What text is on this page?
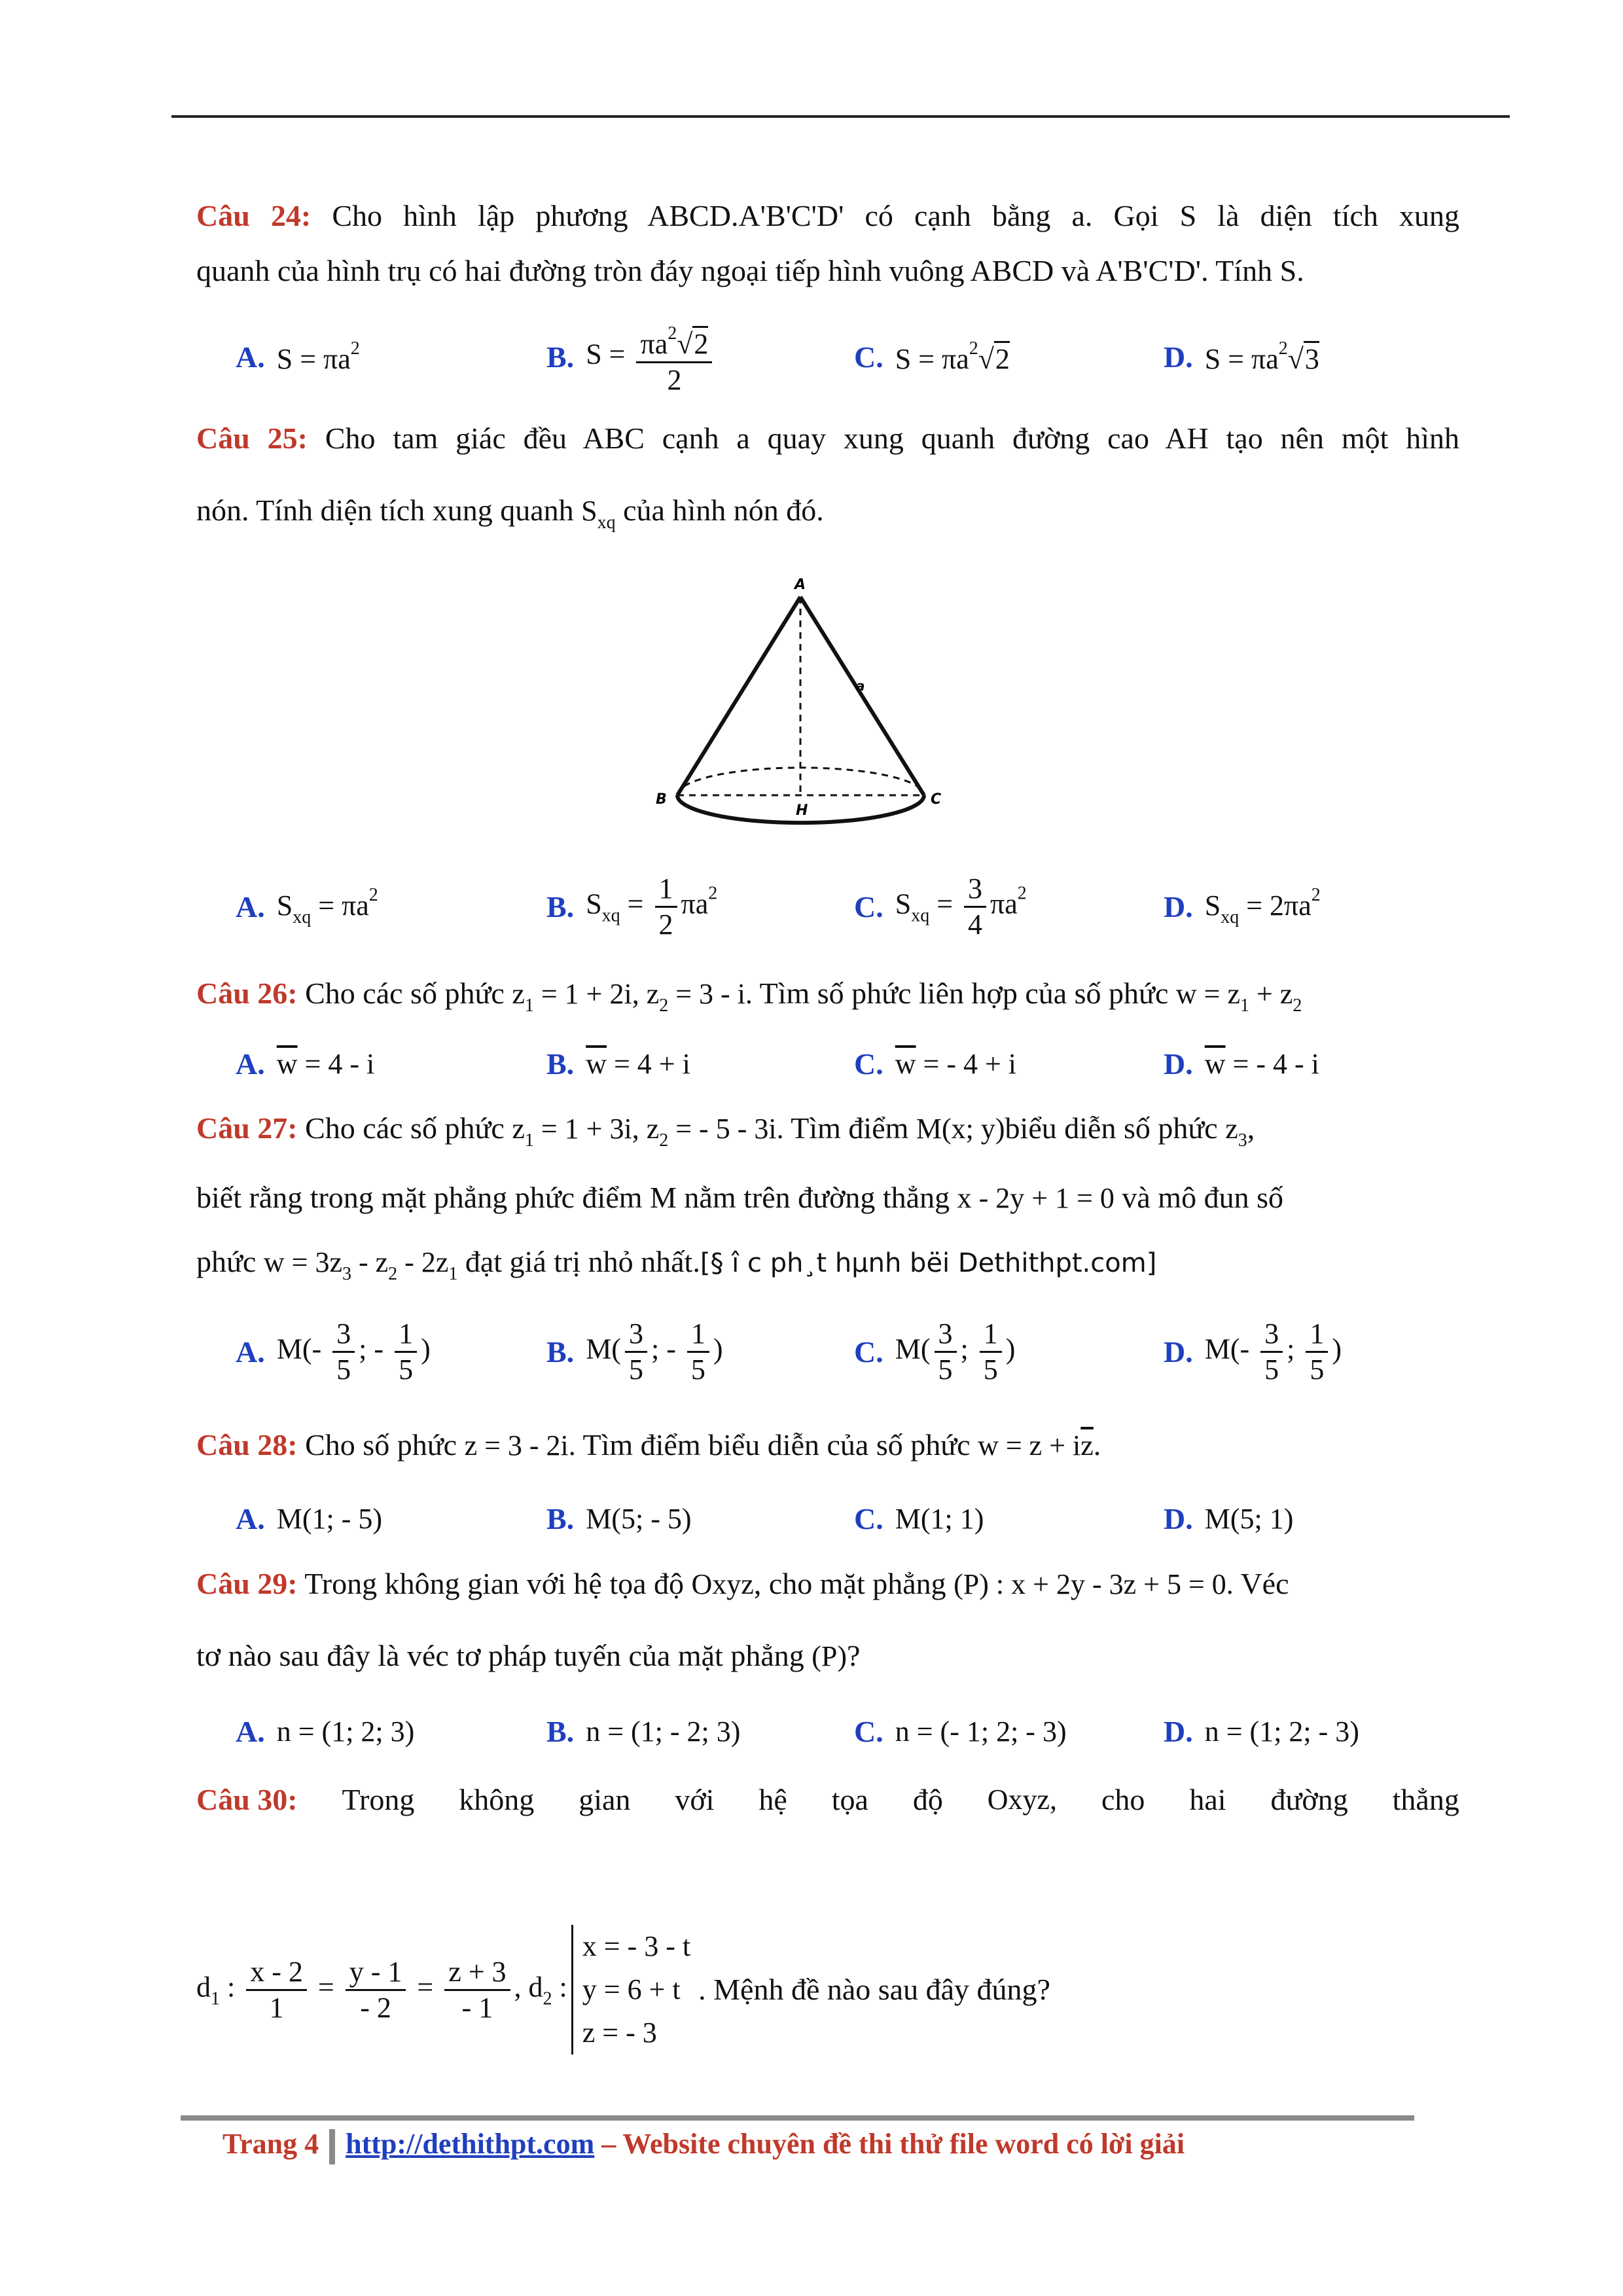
Câu 24: Cho hình lập phương ABCD.A'B'C'D' có cạnh bằng a. Gọi S là diện tích xung
quanh của hình trụ có hai đường tròn đáy ngoại tiếp hình vuông ABCD và A'B'C'D'. Tính S.
A. $S = \pi a^2$	B. $S = \frac{\pi a^2√2}{2}$	C. $S = \pi a^2√2$	D. $S = \pi a^2√3$
Câu 25: Cho tam giác đều ABC cạnh a quay xung quanh đường cao AH tạo nên một hình
nón. Tính diện tích xung quanh $S_{xq}$ của hình nón đó.
A
B	C
H
a
A. $S_{xq} = \pi a^2$	B. $S_{xq} = \frac{1}{2} \pi a^2$	C. $S_{xq} = \frac{3}{4} \pi a^2$	D. $S_{xq} = 2\pi a^2$
Câu 26: Cho các số phức $z_1 = 1 + 2i$, $z_2 = 3 - i$. Tìm số phức liên hợp của số phức $w = z_1 + z_2$
A. $\overline{w} = 4 - i$	B. $\overline{w} = 4 + i$	C. $\overline{w}$ = - 4 + i	D. $\overline{w}$ = - 4 - i
Câu 27: Cho các số phức $z_1 = 1 + 3i$, $z_2$ = - 5 - 3i. Tìm điểm M(x; y)biểu diễn số phức $z_3$,
biết rằng trong mặt phẳng phức điểm M nằm trên đường thẳng x - 2y + 1 = 0 và mô đun số
phức $w = 3z_3 - z_2 - 2z_1$ đạt giá trị nhỏ nhất.[§ î c ph¸t hµnh bëi Dethithpt.com]
A. $M(- \frac{3}{5}$ ; - $\frac{1}{5}$ )	B. $M( \frac{3}{5}$ ; - $\frac{1}{5}$ )	C. $M( \frac{3}{5}$ ; $\frac{1}{5}$ )	D. $M(- \frac{3}{5}$ ; $\frac{1}{5}$ )
Câu 28: Cho số phức z = 3 - 2i. Tìm điểm biểu diễn của số phức $w = z + i\overline{z}$.
A. M(1; - 5)	B. M(5; - 5)	C. M(1; 1)	D. M(5; 1)
Câu 29: Trong không gian với hệ tọa độ Oxyz, cho mặt phẳng (P) : x + 2y - 3z + 5 = 0. Véc
tơ nào sau đây là véc tơ pháp tuyến của mặt phẳng (P)?
A. n = (1; 2; 3)	B. n = (1; - 2; 3)	C. n = (- 1; 2; - 3)	D. n = (1; 2; - 3)
Câu 30: Trong không gian với hệ tọa độ Oxyz, cho hai đường thẳng
$d_1$ : $\frac{x - 2}{1} = \frac{y - 1}{- 2} = \frac{z + 3}{- 1}$ , $d_2$ :
x = - 3 - t
y = 6 + t
z = - 3
. Mệnh đề nào sau đây đúng?
Trang 4 http://dethithpt.com – Website chuyên đề thi thử file word có lời giải
